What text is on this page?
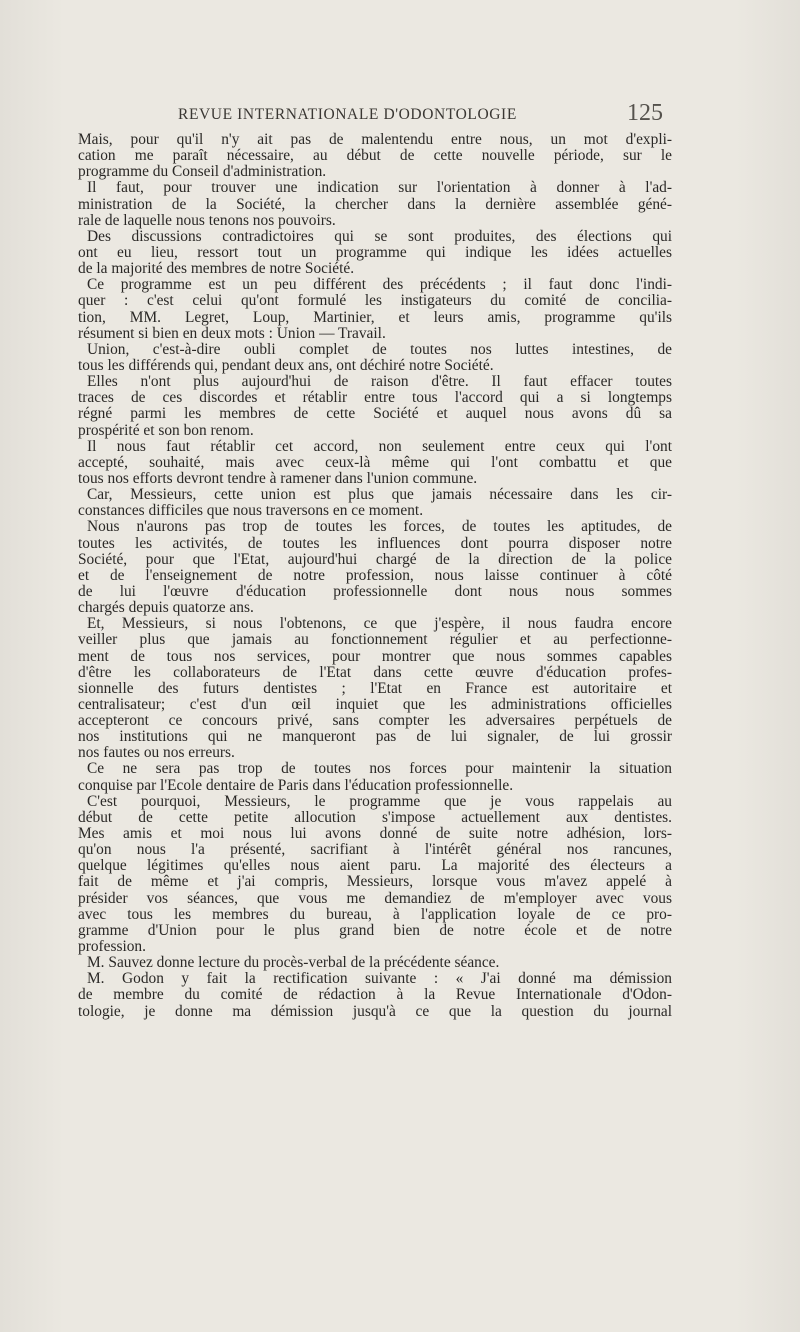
REVUE INTERNATIONALE D'ODONTOLOGIE	125
Mais, pour qu'il n'y ait pas de malentendu entre nous, un mot d'expli-
cation me paraît nécessaire, au début de cette nouvelle période, sur le
programme du Conseil d'administration.
Il faut, pour trouver une indication sur l'orientation à donner à l'ad-
ministration de la Société, la chercher dans la dernière assemblée géné-
rale de laquelle nous tenons nos pouvoirs.
Des discussions contradictoires qui se sont produites, des élections qui
ont eu lieu, ressort tout un programme qui indique les idées actuelles
de la majorité des membres de notre Société.
Ce programme est un peu différent des précédents ; il faut donc l'indi-
quer : c'est celui qu'ont formulé les instigateurs du comité de concilia-
tion, MM. Legret, Loup, Martinier, et leurs amis, programme qu'ils
résument si bien en deux mots : Union — Travail.
Union, c'est-à-dire oubli complet de toutes nos luttes intestines, de
tous les différends qui, pendant deux ans, ont déchiré notre Société.
Elles n'ont plus aujourd'hui de raison d'être. Il faut effacer toutes
traces de ces discordes et rétablir entre tous l'accord qui a si longtemps
régné parmi les membres de cette Société et auquel nous avons dû sa
prospérité et son bon renom.
Il nous faut rétablir cet accord, non seulement entre ceux qui l'ont
accepté, souhaité, mais avec ceux-là même qui l'ont combattu et que
tous nos efforts devront tendre à ramener dans l'union commune.
Car, Messieurs, cette union est plus que jamais nécessaire dans les cir-
constances difficiles que nous traversons en ce moment.
Nous n'aurons pas trop de toutes les forces, de toutes les aptitudes, de
toutes les activités, de toutes les influences dont pourra disposer notre
Société, pour que l'Etat, aujourd'hui chargé de la direction de la police
et de l'enseignement de notre profession, nous laisse continuer à côté
de lui l'œuvre d'éducation professionnelle dont nous nous sommes
chargés depuis quatorze ans.
Et, Messieurs, si nous l'obtenons, ce que j'espère, il nous faudra encore
veiller plus que jamais au fonctionnement régulier et au perfectionne-
ment de tous nos services, pour montrer que nous sommes capables
d'être les collaborateurs de l'Etat dans cette œuvre d'éducation profes-
sionnelle des futurs dentistes ; l'Etat en France est autoritaire et
centralisateur; c'est d'un œil inquiet que les administrations officielles
accepteront ce concours privé, sans compter les adversaires perpétuels de
nos institutions qui ne manqueront pas de lui signaler, de lui grossir
nos fautes ou nos erreurs.
Ce ne sera pas trop de toutes nos forces pour maintenir la situation
conquise par l'Ecole dentaire de Paris dans l'éducation professionnelle.
C'est pourquoi, Messieurs, le programme que je vous rappelais au
début de cette petite allocution s'impose actuellement aux dentistes.
Mes amis et moi nous lui avons donné de suite notre adhésion, lors-
qu'on nous l'a présenté, sacrifiant à l'intérêt général nos rancunes,
quelque légitimes qu'elles nous aient paru. La majorité des électeurs a
fait de même et j'ai compris, Messieurs, lorsque vous m'avez appelé à
présider vos séances, que vous me demandiez de m'employer avec vous
avec tous les membres du bureau, à l'application loyale de ce pro-
gramme d'Union pour le plus grand bien de notre école et de notre
profession.
M. Sauvez donne lecture du procès-verbal de la précédente séance.
M. Godon y fait la rectification suivante : « J'ai donné ma démission
de membre du comité de rédaction à la Revue Internationale d'Odon-
tologie, je donne ma démission jusqu'à ce que la question du journal
